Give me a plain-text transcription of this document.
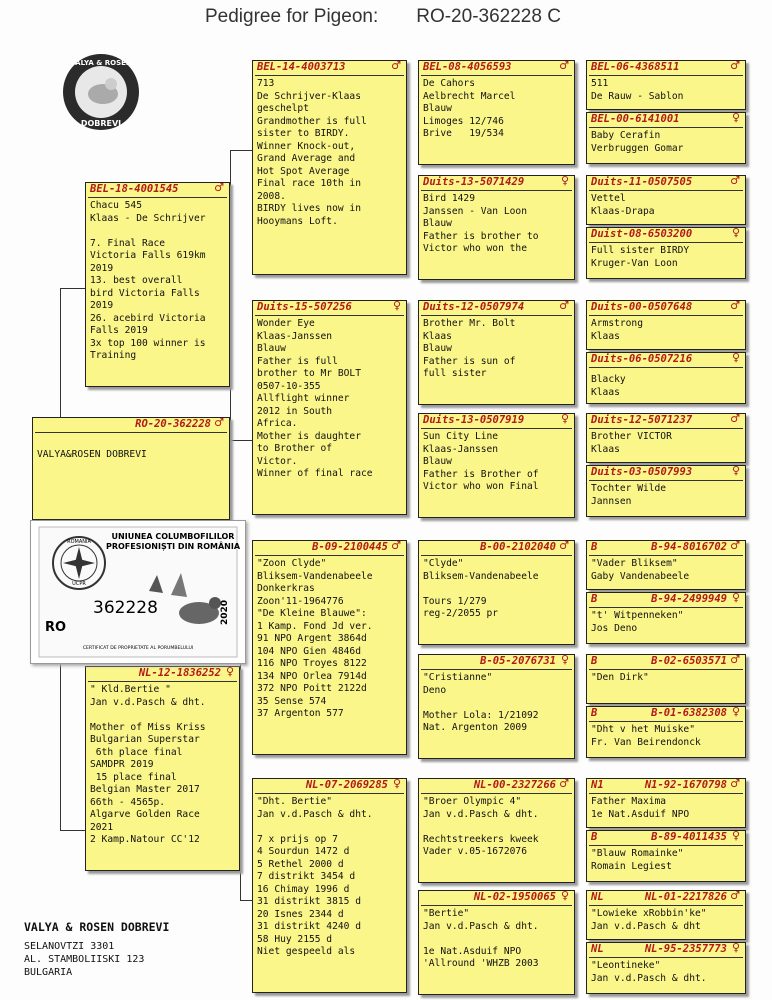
Pedigree for Pigeon: RO-20-362228 C
VALYA & ROSEN
DOBREVI
RO-20-362228 ♂
VALYA&ROSEN DOBREVI
BEL-18-4001545	♂
Chacu 545
Klaas - De Schrijver

7. Final Race
Victoria Falls 619km
2019
13. best overall
bird Victoria Falls
2019
26. acebird Victoria
Falls 2019
3x top 100 winner is
Training
NL-12-1836252 ♀
" Kld.Bertie "
Jan v.d.Pasch & dht.

Mother of Miss Kriss
Bulgarian Superstar
6th place final
SAMDPR 2019
15 place final
Belgian Master 2017
66th - 4565p.
Algarve Golden Race
2021
2 Kamp.Natour CC'12
BEL-14-4003713	♂
713
De Schrijver-Klaas
geschelpt
Grandmother is full
sister to BIRDY.
Winner Knock-out,
Grand Average and
Hot Spot Average
Final race 10th in
2008.
BIRDY lives now in
Hooymans Loft.
Duits-15-507256	♀
Wonder Eye
Klaas-Janssen
Blauw
Father is full
brother to Mr BOLT
0507-10-355
Allflight winner
2012 in South
Africa.
Mother is daughter
to Brother of
Victor.
Winner of final race
B-09-2100445 ♂
"Zoon Clyde"
Bliksem-Vandenabeele
Donkerkras
Zoon'11-1964776
"De Kleine Blauwe":
1 Kamp. Fond Jd ver.
91 NPO Argent 3864d
104 NPO Gien 4846d
116 NPO Troyes 8122
134 NPO Orlea 7914d
372 NPO Poitt 2122d
35 Sense 574
37 Argenton 577
NL-07-2069285 ♀
"Dht. Bertie"
Jan v.d.Pasch & dht.

7 x prijs op 7
4 Sourdun 1472 d
5 Rethel 2000 d
7 distrikt 3454 d
16 Chimay 1996 d
31 distrikt 3815 d
20 Isnes 2344 d
31 distrikt 4240 d
58 Huy 2155 d
Niet gespeeld als
BEL-08-4056593	♂
De Cahors
Aelbrecht Marcel
Blauw
Limoges 12/746
Brive   19/534
Duits-13-5071429	♀
Bird 1429
Janssen - Van Loon
Blauw
Father is brother to
Victor who won the
Duits-12-0507974	♂
Brother Mr. Bolt
Klaas
Blauw
Father is sun of
full sister
Duits-13-0507919	♀
Sun City Line
Klaas-Janssen
Blauw
Father is Brother of
Victor who won Final
B-00-2102040 ♂
"Clyde"
Bliksem-Vandenabeele

Tours 1/279
reg-2/2055 pr
B-05-2076731 ♀
"Cristianne"
Deno

Mother Lola: 1/21092
Nat. Argenton 2009
NL-00-2327266 ♂
"Broer Olympic 4"
Jan v.d.Pasch & dht.

Rechtstreekers kweek
Vader v.05-1672076
NL-02-1950065 ♀
"Bertie"
Jan v.d.Pasch & dht.

1e Nat.Asduif NPO
'Allround 'WHZB 2003
BEL-06-4368511	♂
511
De Rauw - Sablon
BEL-00-6141001	♀
Baby Cerafin
Verbruggen Gomar
Duits-11-0507505	♂
Vettel
Klaas-Drapa
Duist-08-6503200	♀
Full sister BIRDY
Kruger-Van Loon
Duits-00-0507648	♂
Armstrong
Klaas
Duits-06-0507216	♀
Blacky
Klaas
Duits-12-5071237	♂
Brother VICTOR
Klaas
Duits-03-0507993	♀
Tochter Wilde
Jannsen
B	B-94-8016702 ♂
"Vader Bliksem"
Gaby Vandenabeele
B	B-94-2499949 ♀
"t' Witpenneken"
Jos Deno
B	B-02-6503571 ♂
"Den Dirk"
B	B-01-6382308 ♀
"Dht v het Muiske"
Fr. Van Beirendonck
N1	N1-92-1670798 ♂
Father Maxima
1e Nat.Asduif NPO
B	B-89-4011435 ♀
"Blauw Romainke"
Romain Legiest
NL	NL-01-2217826 ♂
"Lowieke xRobbin'ke"
Jan v.d.Pasch & dht
NL	NL-95-2357773 ♀
"Leontineke"
Jan v.d.Pasch & dht.
ROMANIA
UCPR
UNIUNEA COLUMBOFILILOR
PROFESIONIȘTI DIN ROMÂNIA
RO
362228	2020
CERTIFICAT DE PROPRIETATE AL PORUMBELULUI
VALYA & ROSEN DOBREVI
SELANOVTZI 3301
AL. STAMBOLIISKI 123
BULGARIA
